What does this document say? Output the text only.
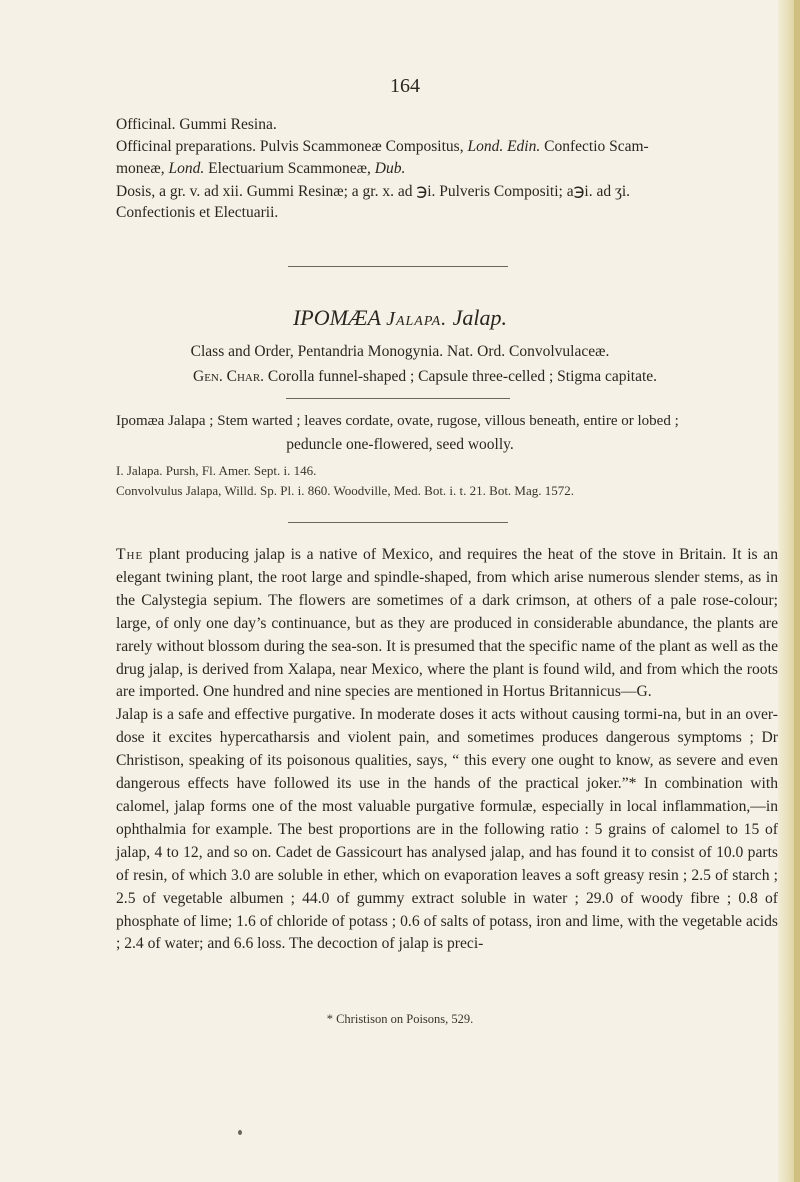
164
Officinal. Gummi Resina.
Officinal preparations. Pulvis Scammoneæ Compositus, Lond. Edin. Confectio Scam-
moneæ, Lond. Electuarium Scammoneæ, Dub.
Dosis, a gr. v. ad xii. Gummi Resinæ; a gr. x. ad ℈i. Pulveris Compositi; a℈i. ad ʒi.
Confectionis et Electuarii.
IPOMÆA Jalapa. Jalap.
Class and Order, Pentandria Monogynia. Nat. Ord. Convolvulaceæ.
Gen. Char. Corolla funnel-shaped ; Capsule three-celled ; Stigma capitate.
Ipomæa Jalapa ; Stem warted ; leaves cordate, ovate, rugose, villous beneath, entire or lobed ;
peduncle one-flowered, seed woolly.
I. Jalapa. Pursh, Fl. Amer. Sept. i. 146.
Convolvulus Jalapa, Willd. Sp. Pl. i. 860. Woodville, Med. Bot. i. t. 21. Bot. Mag. 1572.

The plant producing jalap is a native of Mexico, and requires the heat of the stove in Britain. It is an elegant twining plant, the root large and spindle-shaped, from which arise numerous slender stems, as in the Calystegia sepium. The flowers are sometimes of a dark crimson, at others of a pale rose-colour; large, of only one day’s continuance, but as they are produced in considerable abundance, the plants are rarely without blossom during the sea-son. It is presumed that the specific name of the plant as well as the drug jalap, is derived from Xalapa, near Mexico, where the plant is found wild, and from which the roots are imported. One hundred and nine species are mentioned in Hortus Britannicus—G.

Jalap is a safe and effective purgative. In moderate doses it acts without causing tormi-na, but in an over-dose it excites hypercatharsis and violent pain, and sometimes produces dangerous symptoms ; Dr Christison, speaking of its poisonous qualities, says, “ this every one ought to know, as severe and even dangerous effects have followed its use in the hands of the practical joker.”* In combination with calomel, jalap forms one of the most valuable purgative formulæ, especially in local inflammation,—in ophthalmia for example. The best proportions are in the following ratio : 5 grains of calomel to 15 of jalap, 4 to 12, and so on. Cadet de Gassicourt has analysed jalap, and has found it to consist of 10.0 parts of resin, of which 3.0 are soluble in ether, which on evaporation leaves a soft greasy resin ; 2.5 of starch ; 2.5 of vegetable albumen ; 44.0 of gummy extract soluble in water ; 29.0 of woody fibre ; 0.8 of phosphate of lime; 1.6 of chloride of potass ; 0.6 of salts of potass, iron and lime, with the vegetable acids ; 2.4 of water; and 6.6 loss. The decoction of jalap is preci-

* Christison on Poisons, 529.
